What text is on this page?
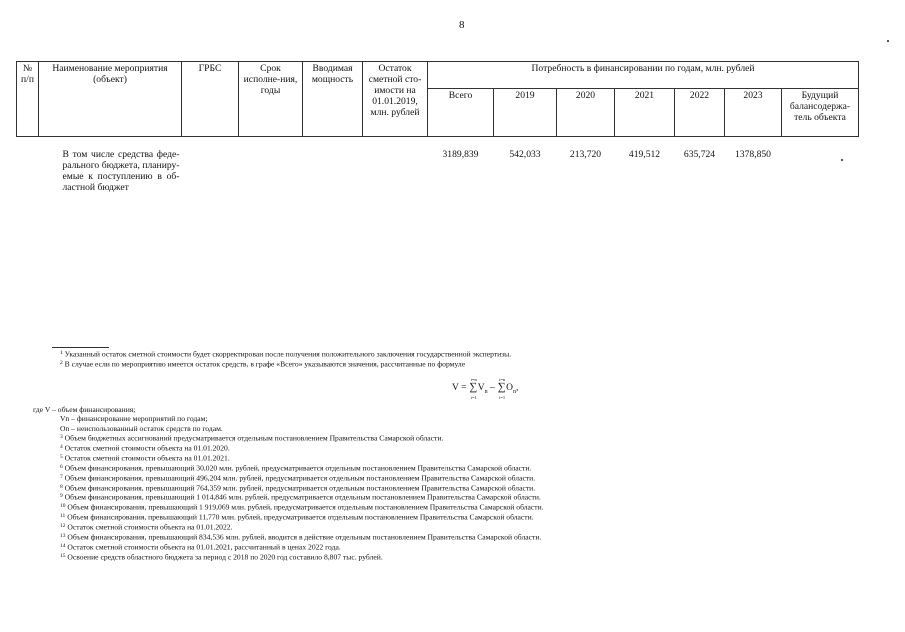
8
№ п/п	Наименование мероприятия (объект)	ГРБС	Срок исполне-ния, годы	Вводимая мощность	Остаток сметной сто-имости на 01.01.2019, млн. рублей	Потребность в финансировании по годам, млн. рублей						
						Всего	2019	2020	2021	2022	2023	Будущий балансодержа-тель объекта
	В том числе средства феде-рального бюджета, планиру-емые к поступлению в об-ластной бюджет					3189,839	542,033	213,720	419,512	635,724	1378,850	
$^1$ Указанный остаток сметной стоимости будет скорректирован после получения положительного заключения государственной экспертизы.
$^2$ В случае если по мероприятию имеется остаток средств, в графе «Всего» указываются значения, рассчитанные по формуле
V =
i=n
∑
i=1
$V_n$ –
i=n
∑
i=1
$O_n$,
где V – объем финансирования;
Vn – финансирование мероприятий по годам;
On – неиспользованный остаток средств по годам.
$^3$ Объем бюджетных ассигнований предусматривается отдельным постановлением Правительства Самарской области.
$^4$ Остаток сметной стоимости объекта на 01.01.2020.
$^5$ Остаток сметной стоимости объекта на 01.01.2021.
$^6$ Объем финансирования, превышающий 30,020 млн. рублей, предусматривается отдельным постановлением Правительства Самарской области.
$^7$ Объем финансирования, превышающий 496,204 млн. рублей, предусматривается отдельным постановлением Правительства Самарской области.
$^8$ Объем финансирования, превышающий 764,359 млн. рублей, предусматривается отдельным постановлением Правительства Самарской области.
$^9$ Объем финансирования, превышающий 1 014,846 млн. рублей, предусматривается отдельным постановлением Правительства Самарской области.
$^{10}$ Объем финансирования, превышающий 1 919,069 млн. рублей, предусматривается отдельным постановлением Правительства Самарской области.
$^{11}$ Объем финансирования, превышающий 11,770 млн. рублей, предусматривается отдельным постановлением Правительства Самарской области.
$^{12}$ Остаток сметной стоимости объекта на 01.01.2022.
$^{13}$ Объем финансирования, превышающий 834,536 млн. рублей, вводится в действие отдельным постановлением Правительства Самарской области.
$^{14}$ Остаток сметной стоимости объекта на 01.01.2021, рассчитанный в ценах 2022 года.
$^{15}$ Освоение средств областного бюджета за период с 2018 по 2020 год составило 8,807 тыс. рублей.
